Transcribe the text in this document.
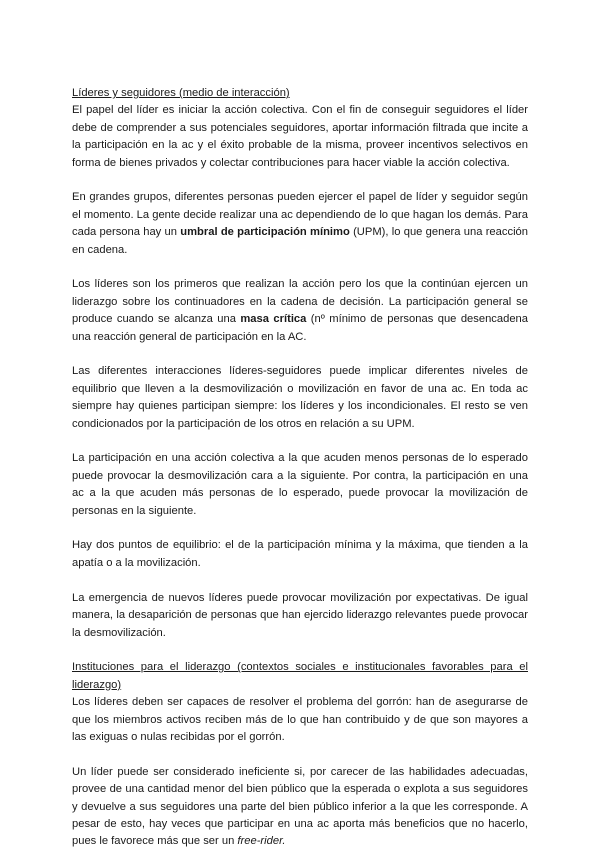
Líderes y seguidores (medio de interacción)

El papel del líder es iniciar la acción colectiva. Con el fin de conseguir seguidores el líder debe de comprender a sus potenciales seguidores, aportar información filtrada que incite a la participación en la ac y el éxito probable de la misma, proveer incentivos selectivos en forma de bienes privados y colectar contribuciones para hacer viable la acción colectiva.

En grandes grupos, diferentes personas pueden ejercer el papel de líder y seguidor según el momento. La gente decide realizar una ac dependiendo de lo que hagan los demás. Para cada persona hay un umbral de participación mínimo (UPM), lo que genera una reacción en cadena.

Los líderes son los primeros que realizan la acción pero los que la continúan ejercen un liderazgo sobre los continuadores en la cadena de decisión. La participación general se produce cuando se alcanza una masa crítica (nº mínimo de personas que desencadena una reacción general de participación en la AC.

Las diferentes interacciones líderes-seguidores puede implicar diferentes niveles de equilibrio que lleven a la desmovilización o movilización en favor de una ac. En toda ac siempre hay quienes participan siempre: los líderes y los incondicionales. El resto se ven condicionados por la participación de los otros en relación a su UPM.

La participación en una acción colectiva a la que acuden menos personas de lo esperado puede provocar la desmovilización cara a la siguiente. Por contra, la participación en una ac a la que acuden más personas de lo esperado, puede provocar la movilización de personas en la siguiente.

Hay dos puntos de equilibrio: el de la participación mínima y la máxima, que tienden a la apatía o a la movilización.

La emergencia de nuevos líderes puede provocar movilización por expectativas. De igual manera, la desaparición de personas que han ejercido liderazgo relevantes puede provocar la desmovilización.

Instituciones para el liderazgo (contextos sociales e institucionales favorables para el liderazgo)

Los líderes deben ser capaces de resolver el problema del gorrón: han de asegurarse de que los miembros activos reciben más de lo que han contribuido y de que son mayores a las exiguas o nulas recibidas por el gorrón.

Un líder puede ser considerado ineficiente si, por carecer de las habilidades adecuadas, provee de una cantidad menor del bien público que la esperada o explota a sus seguidores y devuelve a sus seguidores una parte del bien público inferior a la que les corresponde. A pesar de esto, hay veces que participar en una ac aporta más beneficios que no hacerlo, pues le favorece más que ser un free-rider.
